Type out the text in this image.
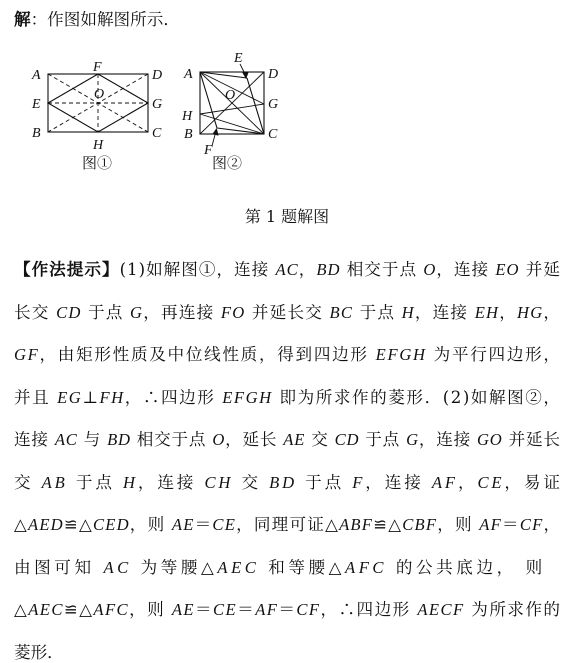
解：作图如解图所示．
A
F
D
E
O
G
B
H
C
图①
E
A	D
O
H
G
B	C
F
图②
第 1 题解图
【作法提示】(1)如解图①，连接 AC，BD 相交于点 O，连接 EO 并延
长交 CD 于点 G，再连接 FO 并延长交 BC 于点 H，连接 EH，HG，
GF，由矩形性质及中位线性质，得到四边形 EFGH 为平行四边形，
并且 EG⊥FH，∴四边形 EFGH 即为所求作的菱形．(2)如解图②，
连接 AC 与 BD 相交于点 O，延长 AE 交 CD 于点 G，连接 GO 并延长
交 AB 于点 H，连接 CH 交 BD 于点 F，连接 AF，CE，易证
△AED≌△CED，则 AE＝CE，同理可证△ABF≌△CBF，则 AF＝CF，
由图可知 AC 为等腰△AEC 和等腰△AFC 的公共底边， 则
△AEC≌△AFC，则 AE＝CE＝AF＝CF，∴四边形 AECF 为所求作的
菱形．
